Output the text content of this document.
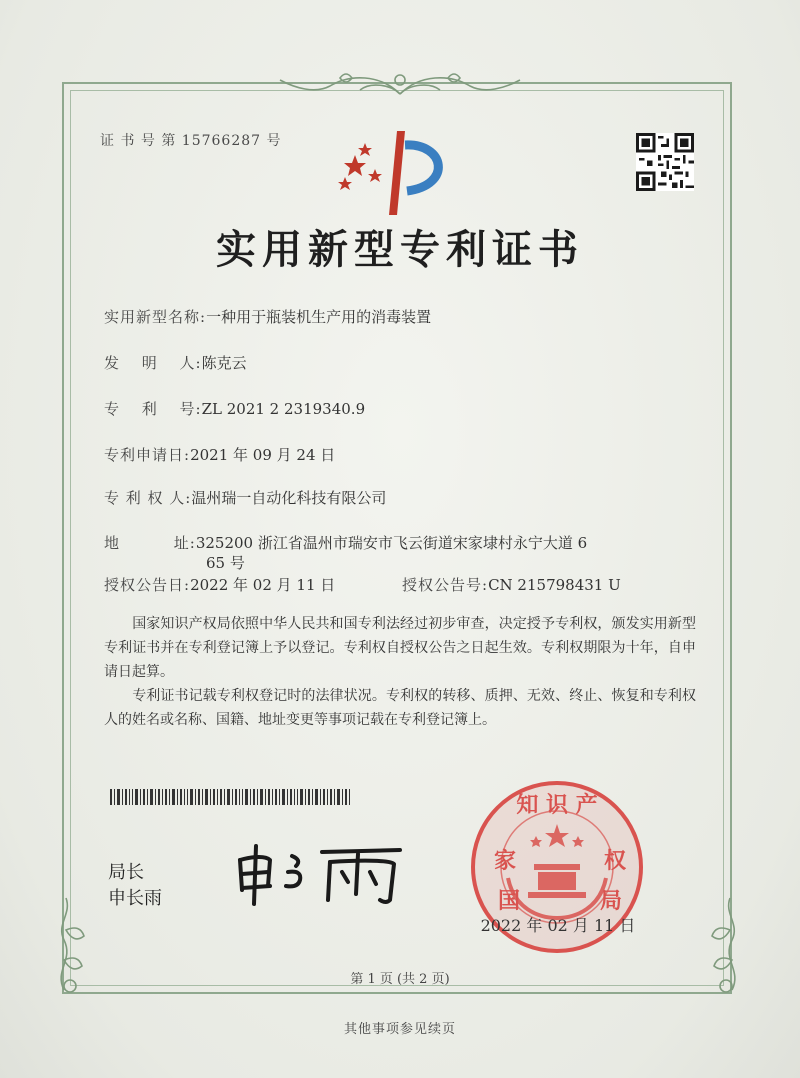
证 书 号 第 15766287 号
实用新型专利证书
实用新型名称:一种用于瓶装机生产用的消毒装置
发　 明　 人:陈克云
专　 利　 号:ZL 2021 2 2319340.9
专利申请日:2021 年 09 月 24 日
专 利 权 人:温州瑞一自动化科技有限公司
地　　　 址:325200 浙江省温州市瑞安市飞云街道宋家埭村永宁大道 6
65 号
授权公告日:2022 年 02 月 11 日	授权公告号:CN 215798431 U
　　国家知识产权局依照中华人民共和国专利法经过初步审查，决定授予专利权，颁发实用新型专利证书并在专利登记簿上予以登记。专利权自授权公告之日起生效。专利权期限为十年，自申请日起算。
　　专利证书记载专利权登记时的法律状况。专利权的转移、质押、无效、终止、恢复和专利权人的姓名或名称、国籍、地址变更等事项记载在专利登记簿上。
局长
申长雨
知 识 产
家	权
国	局
2022 年 02 月 11 日
第 1 页 (共 2 页)
其他事项参见续页
